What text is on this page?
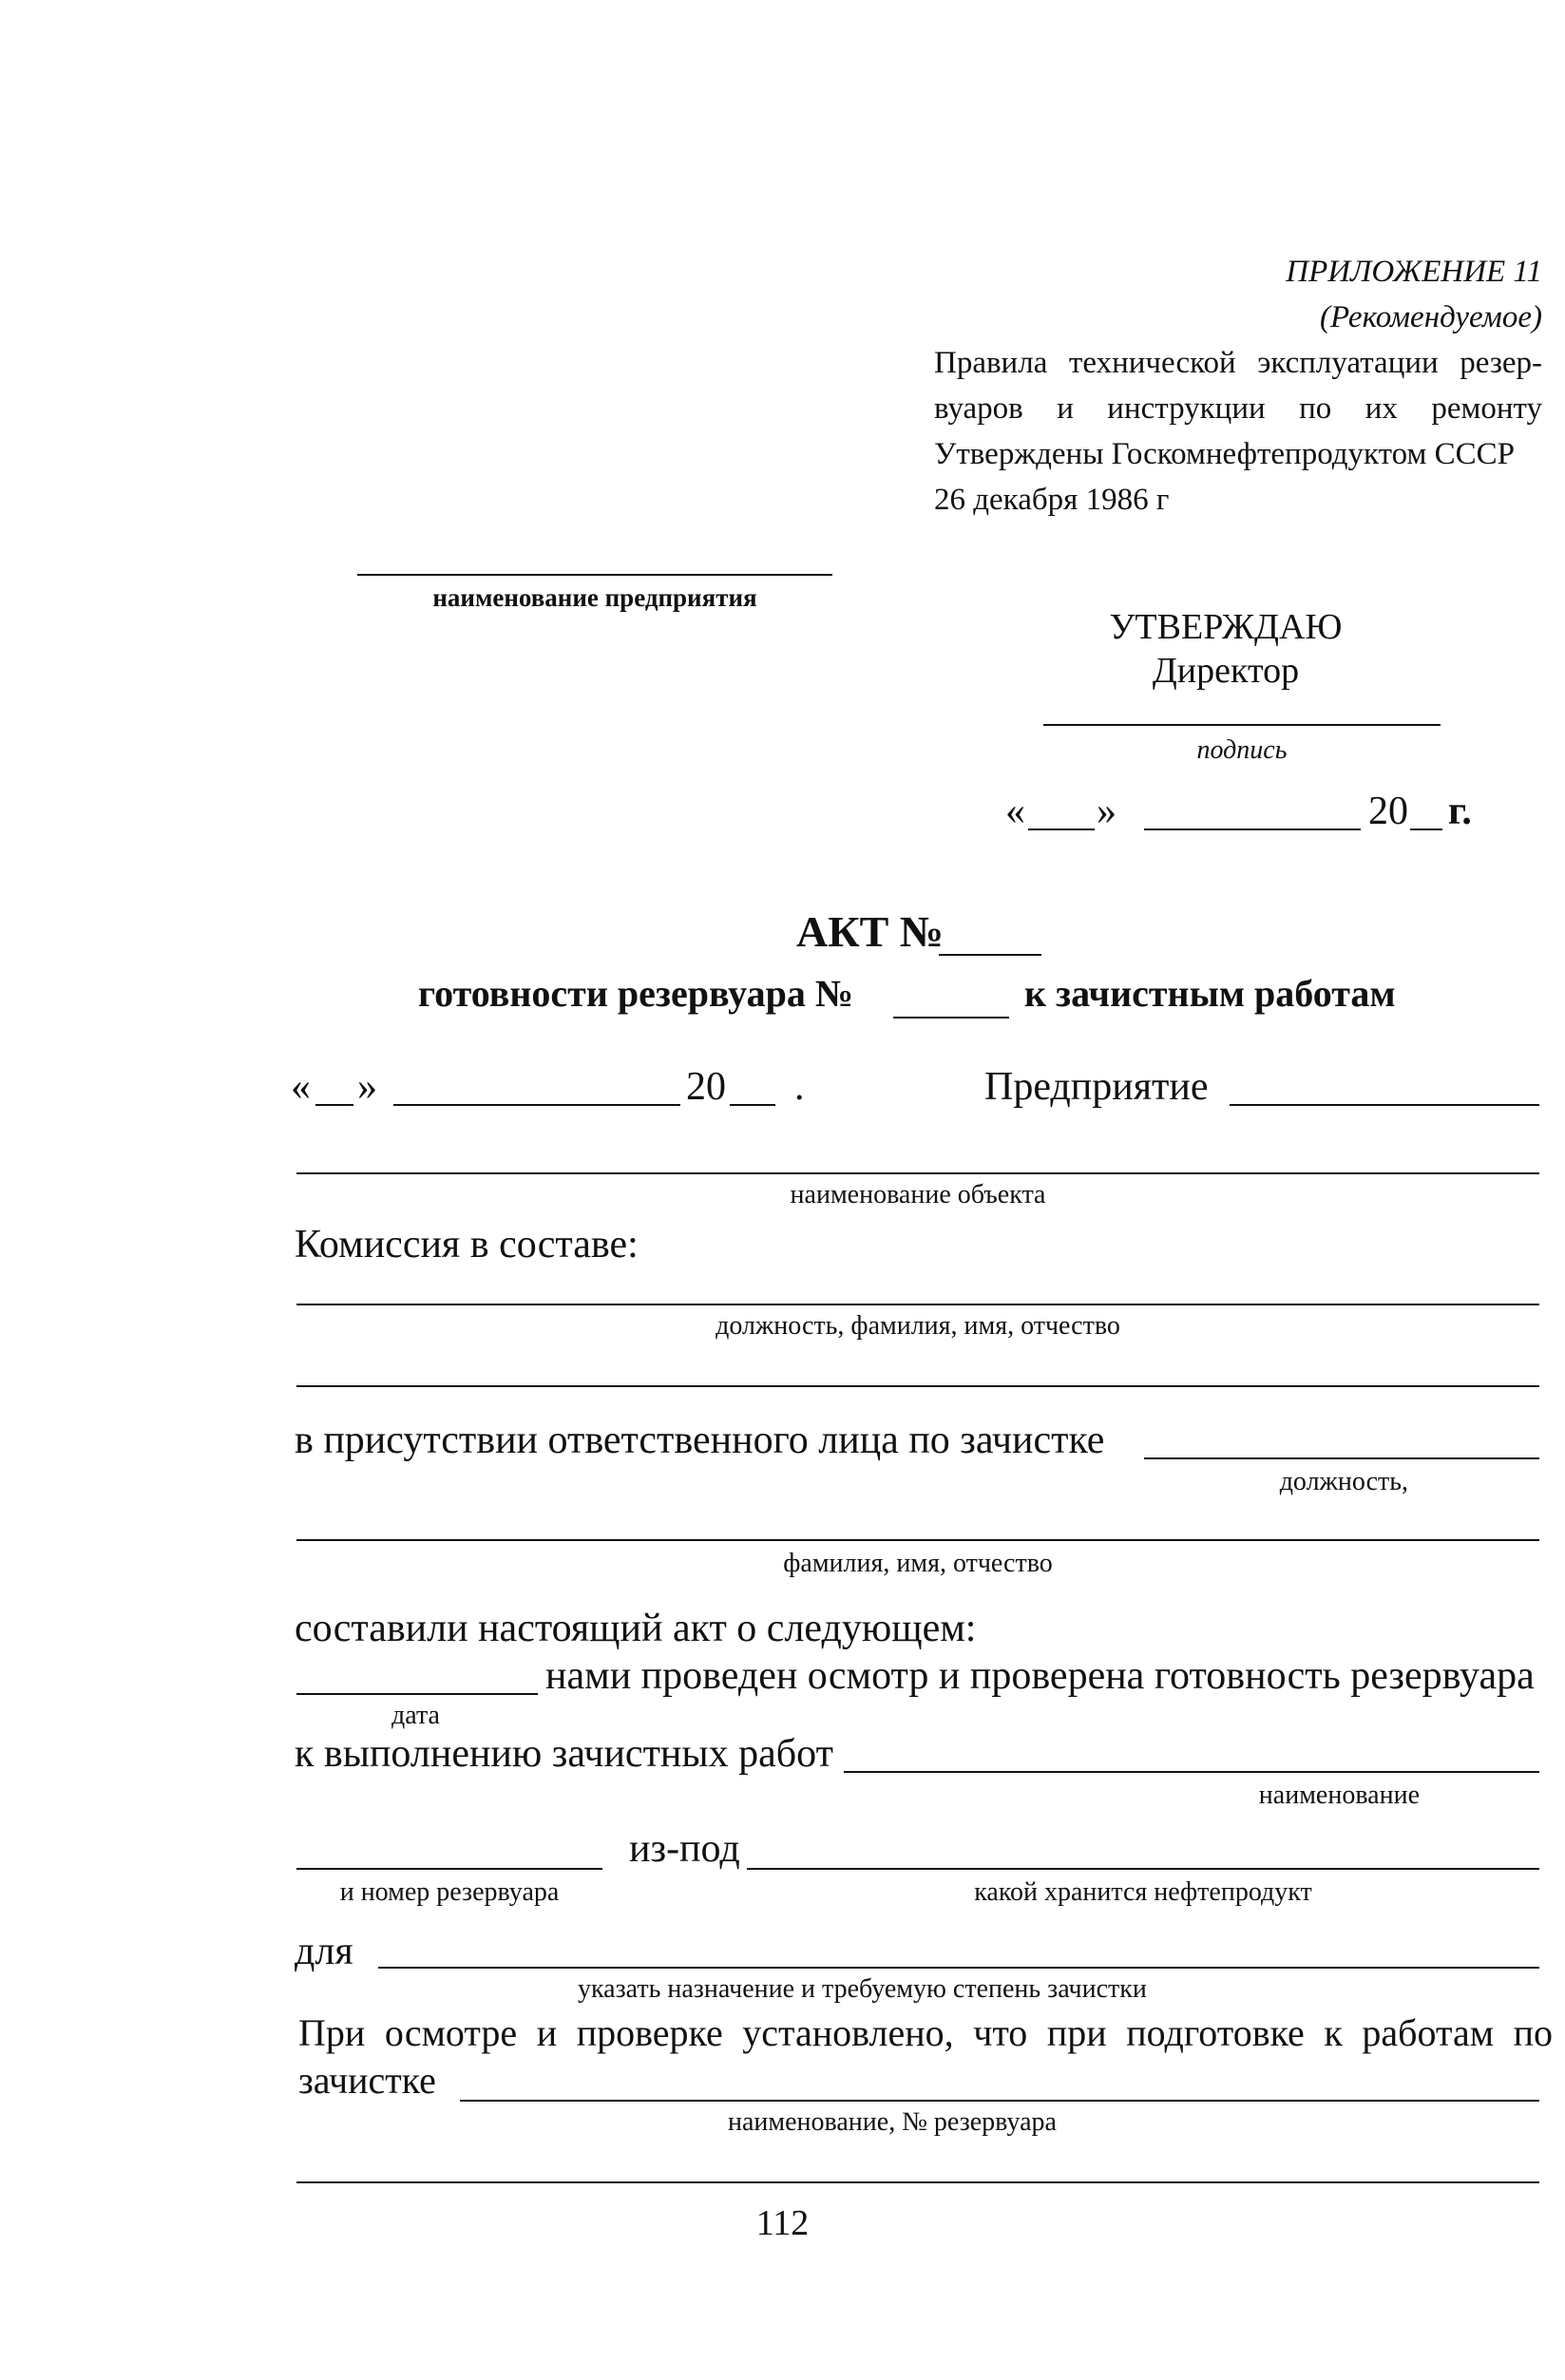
ПРИЛОЖЕНИЕ 11
(Рекомендуемое)
Правила технической эксплуатации резер-
вуаров и инструкции по их ремонту
Утверждены Госкомнефтепродуктом СССР
26 декабря 1986 г
наименование предприятия
УТВЕРЖДАЮ
Директор
подпись
« »	20 г.
АКТ №
готовности резервуара №	к зачистным работам
« »	20 .	Предприятие
наименование объекта
Комиссия в составе:
должность, фамилия, имя, отчество
в присутствии ответственного лица по зачистке
должность,
фамилия, имя, отчество
составили настоящий акт о следующем:
нами проведен осмотр и проверена готовность резервуара
дата
к выполнению зачистных работ
наименование
из-под
и номер резервуара	какой хранится нефтепродукт
для
указать назначение и требуемую степень зачистки
При осмотре и проверке установлено, что при подготовке к работам по
зачистке
наименование, № резервуара
112
